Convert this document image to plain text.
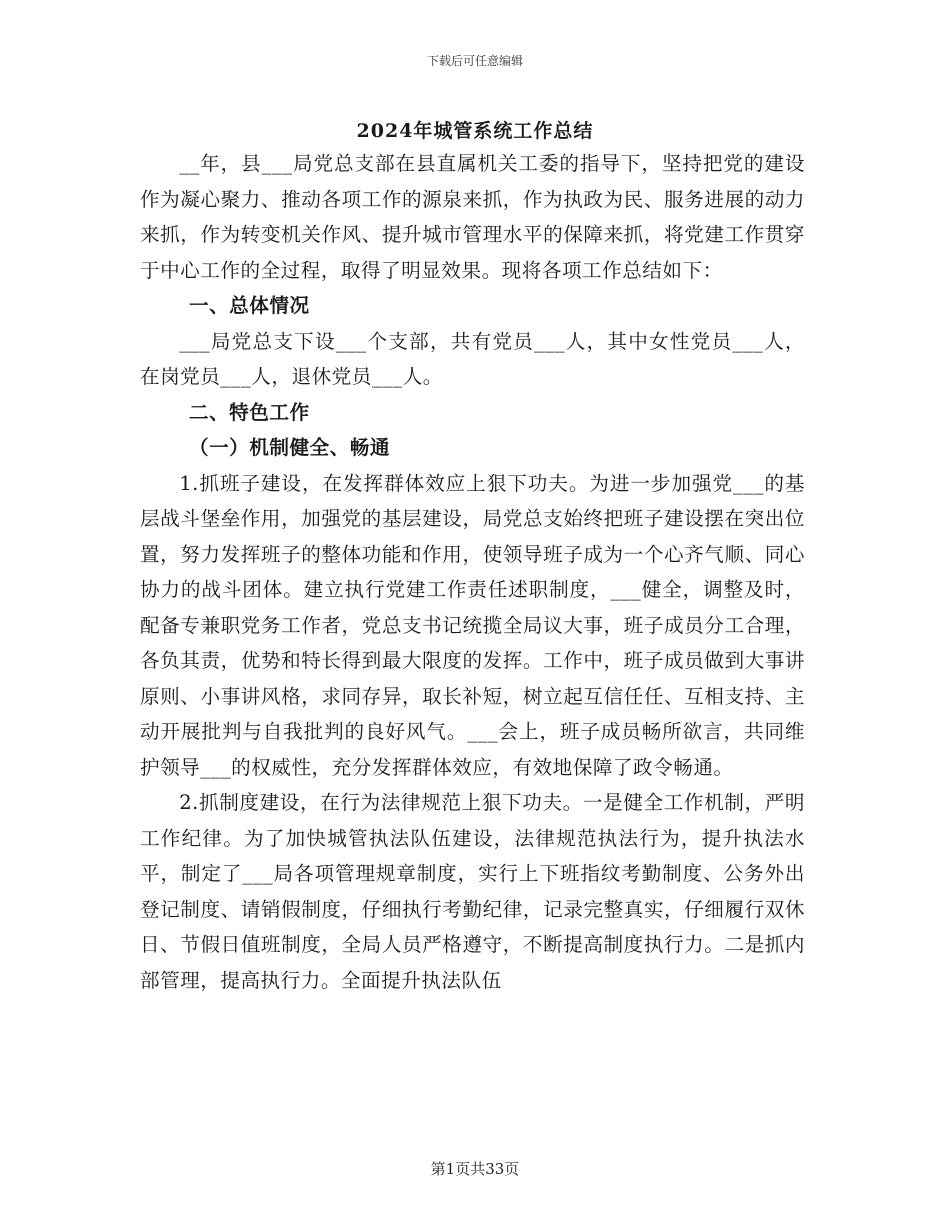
下载后可任意编辑
2024年城管系统工作总结

__年，县___局党总支部在县直属机关工委的指导下，坚持把党的建设作为凝心聚力、推动各项工作的源泉来抓，作为执政为民、服务进展的动力来抓，作为转变机关作风、提升城市管理水平的保障来抓，将党建工作贯穿于中心工作的全过程，取得了明显效果。现将各项工作总结如下：

一、总体情况

___局党总支下设___个支部，共有党员___人，其中女性党员___人，在岗党员___人，退休党员___人。

二、特色工作

（一）机制健全、畅通

1.抓班子建设，在发挥群体效应上狠下功夫。为进一步加强党___的基层战斗堡垒作用，加强党的基层建设，局党总支始终把班子建设摆在突出位置，努力发挥班子的整体功能和作用，使领导班子成为一个心齐气顺、同心协力的战斗团体。建立执行党建工作责任述职制度，___健全，调整及时，配备专兼职党务工作者，党总支书记统揽全局议大事，班子成员分工合理，各负其责，优势和特长得到最大限度的发挥。工作中，班子成员做到大事讲原则、小事讲风格，求同存异，取长补短，树立起互信任任、互相支持、主动开展批判与自我批判的良好风气。___会上，班子成员畅所欲言，共同维护领导___的权威性，充分发挥群体效应，有效地保障了政令畅通。

2.抓制度建设，在行为法律规范上狠下功夫。一是健全工作机制，严明工作纪律。为了加快城管执法队伍建设，法律规范执法行为，提升执法水平，制定了___局各项管理规章制度，实行上下班指纹考勤制度、公务外出登记制度、请销假制度，仔细执行考勤纪律，记录完整真实，仔细履行双休日、节假日值班制度，全局人员严格遵守，不断提高制度执行力。二是抓内部管理，提高执行力。全面提升执法队伍

第1页共33页
